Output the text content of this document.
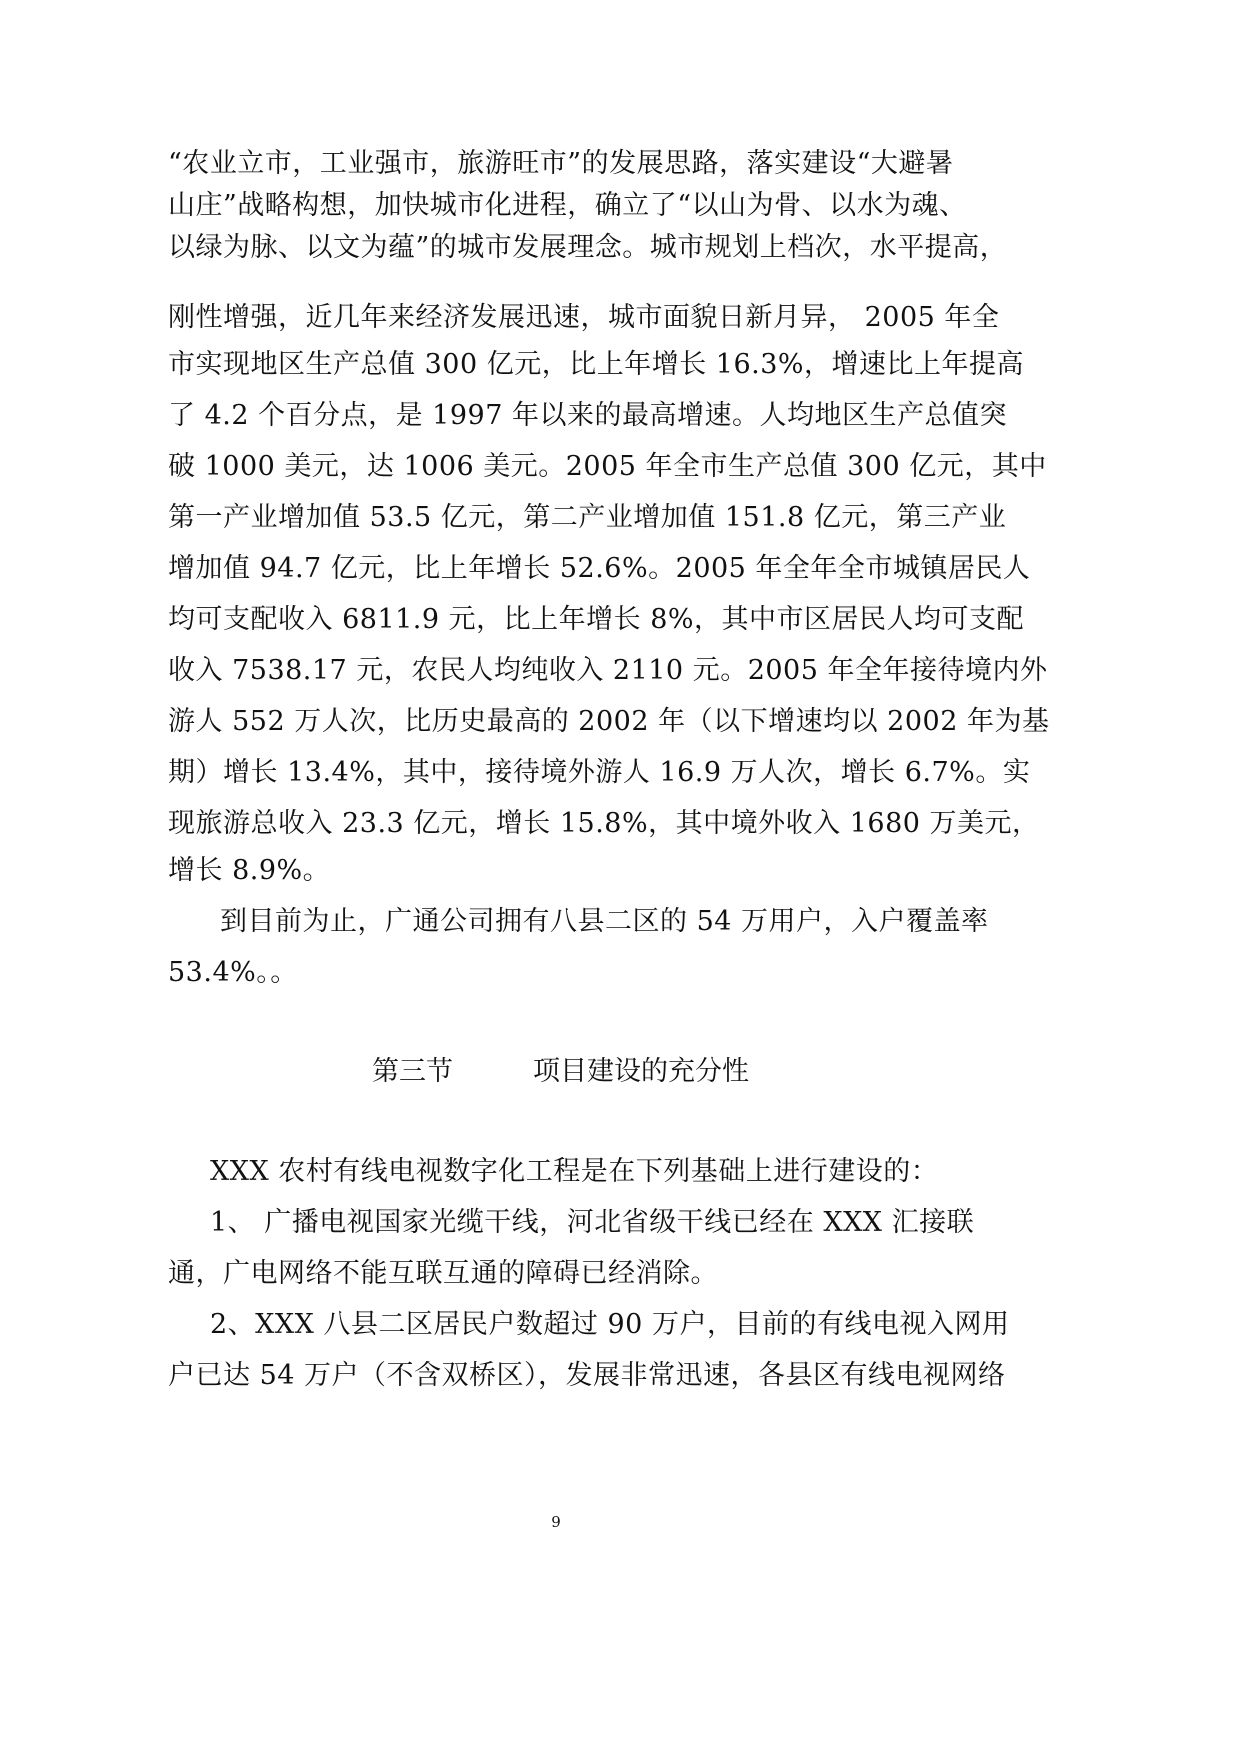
“农业立市，工业强市，旅游旺市”的发展思路，落实建设“大避暑
山庄”战略构想，加快城市化进程，确立了“以山为骨、以水为魂、
以绿为脉、以文为蕴”的城市发展理念。城市规划上档次，水平提高，
刚性增强，近几年来经济发展迅速，城市面貌日新月异， 2005 年全
市实现地区生产总值 300 亿元，比上年增长 16.3%，增速比上年提高
了 4.2 个百分点，是 1997 年以来的最高增速。人均地区生产总值突
破 1000 美元，达 1006 美元。2005 年全市生产总值 300 亿元，其中
第一产业增加值 53.5 亿元，第二产业增加值 151.8 亿元，第三产业
增加值 94.7 亿元，比上年增长 52.6%。2005 年全年全市城镇居民人
均可支配收入 6811.9 元，比上年增长 8%，其中市区居民人均可支配
收入 7538.17 元，农民人均纯收入 2110 元。2005 年全年接待境内外
游人 552 万人次，比历史最高的 2002 年（以下增速均以 2002 年为基
期）增长 13.4%，其中，接待境外游人 16.9 万人次，增长 6.7%。实
现旅游总收入 23.3 亿元，增长 15.8%，其中境外收入 1680 万美元，
增长 8.9%。
到目前为止，广通公司拥有八县二区的 54 万用户，入户覆盖率
53.4%。。
第三节	项目建设的充分性
XXX 农村有线电视数字化工程是在下列基础上进行建设的：
1、 广播电视国家光缆干线，河北省级干线已经在 XXX 汇接联
通，广电网络不能互联互通的障碍已经消除。
2、XXX 八县二区居民户数超过 90 万户，目前的有线电视入网用
户已达 54 万户（不含双桥区），发展非常迅速，各县区有线电视网络
9
